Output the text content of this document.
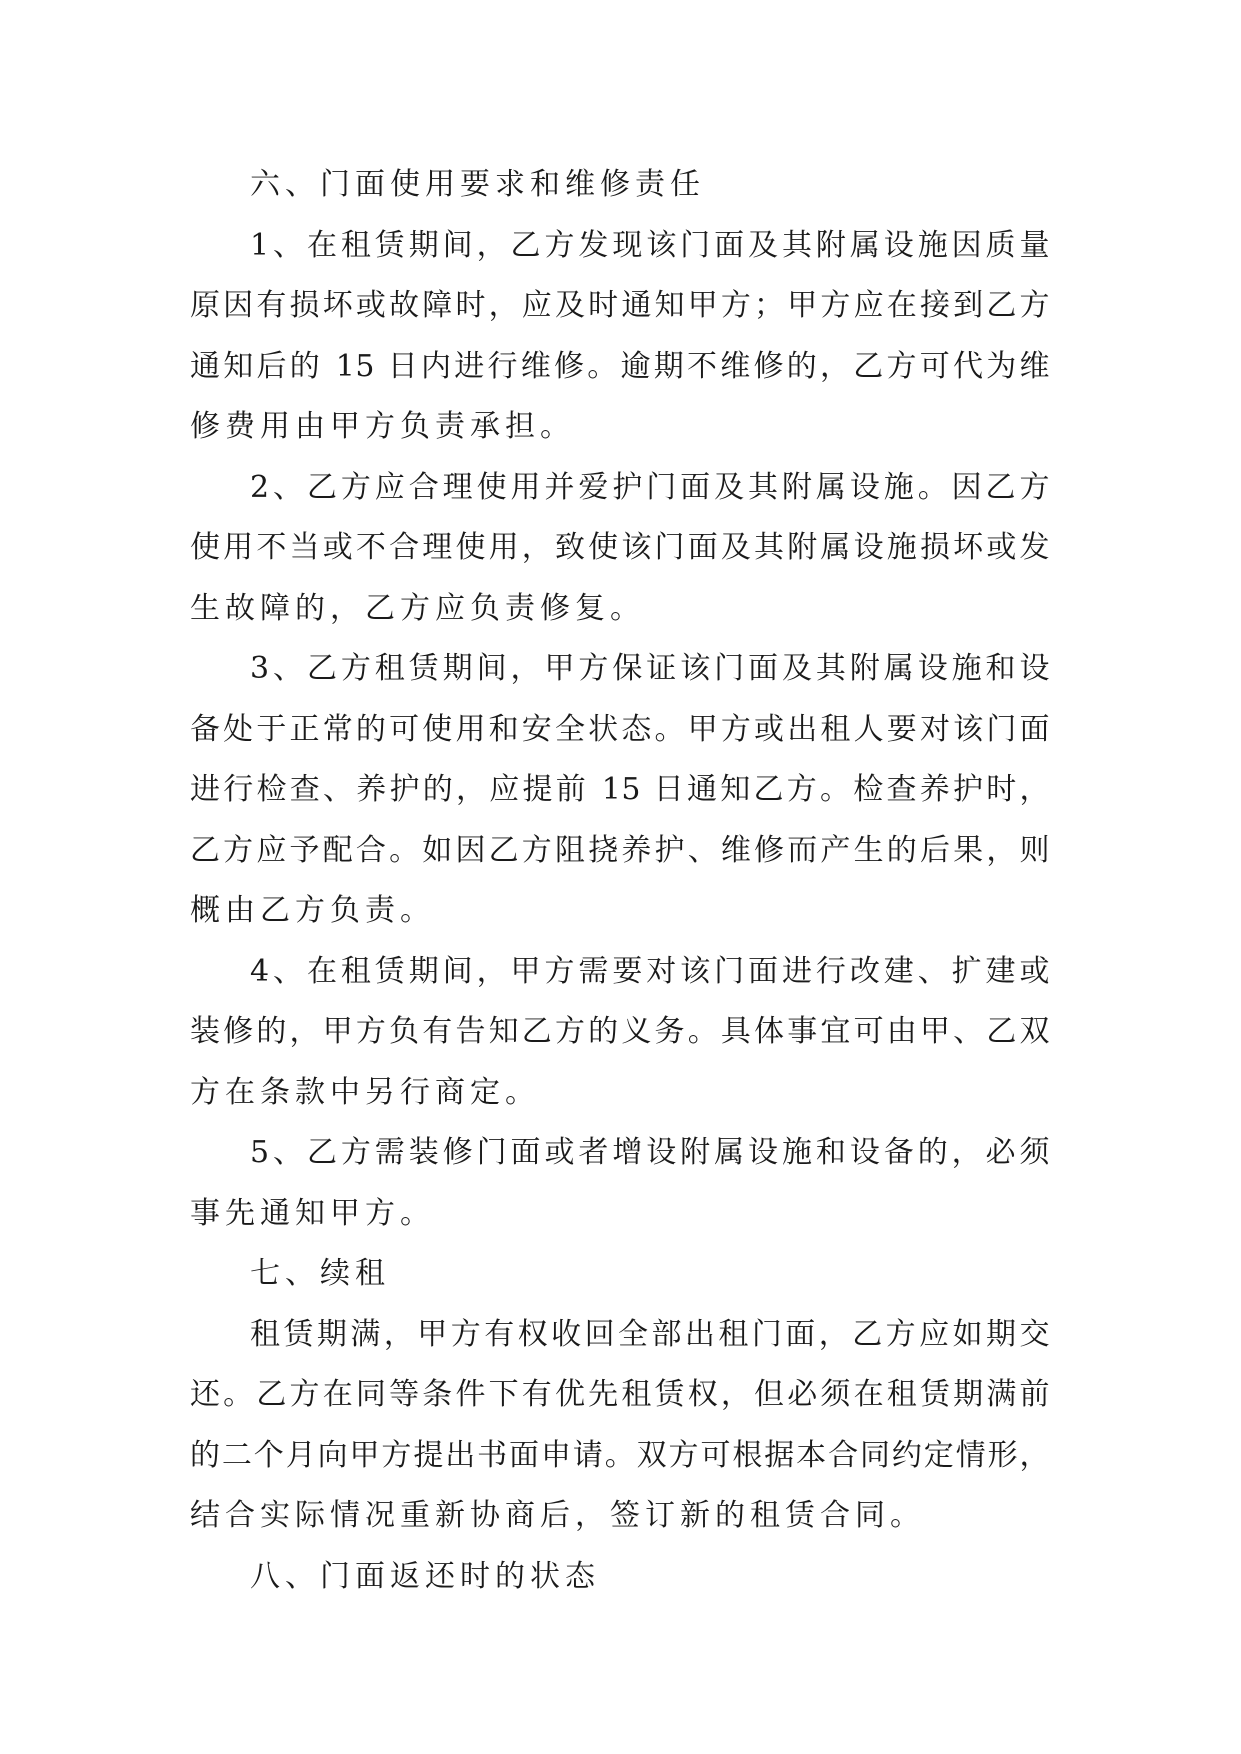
六、门面使用要求和维修责任
1、在租赁期间，乙方发现该门面及其附属设施因质量
原因有损坏或故障时，应及时通知甲方；甲方应在接到乙方
通知后的 15 日内进行维修。逾期不维修的，乙方可代为维
修费用由甲方负责承担。
2、乙方应合理使用并爱护门面及其附属设施。因乙方
使用不当或不合理使用，致使该门面及其附属设施损坏或发
生故障的，乙方应负责修复。
3、乙方租赁期间，甲方保证该门面及其附属设施和设
备处于正常的可使用和安全状态。甲方或出租人要对该门面
进行检查、养护的，应提前 15 日通知乙方。检查养护时，
乙方应予配合。如因乙方阻挠养护、维修而产生的后果，则
概由乙方负责。
4、在租赁期间，甲方需要对该门面进行改建、扩建或
装修的，甲方负有告知乙方的义务。具体事宜可由甲、乙双
方在条款中另行商定。
5、乙方需装修门面或者增设附属设施和设备的，必须
事先通知甲方。
七、续租
租赁期满，甲方有权收回全部出租门面，乙方应如期交
还。乙方在同等条件下有优先租赁权，但必须在租赁期满前
的二个月向甲方提出书面申请。双方可根据本合同约定情形，
结合实际情况重新协商后，签订新的租赁合同。
八、门面返还时的状态
